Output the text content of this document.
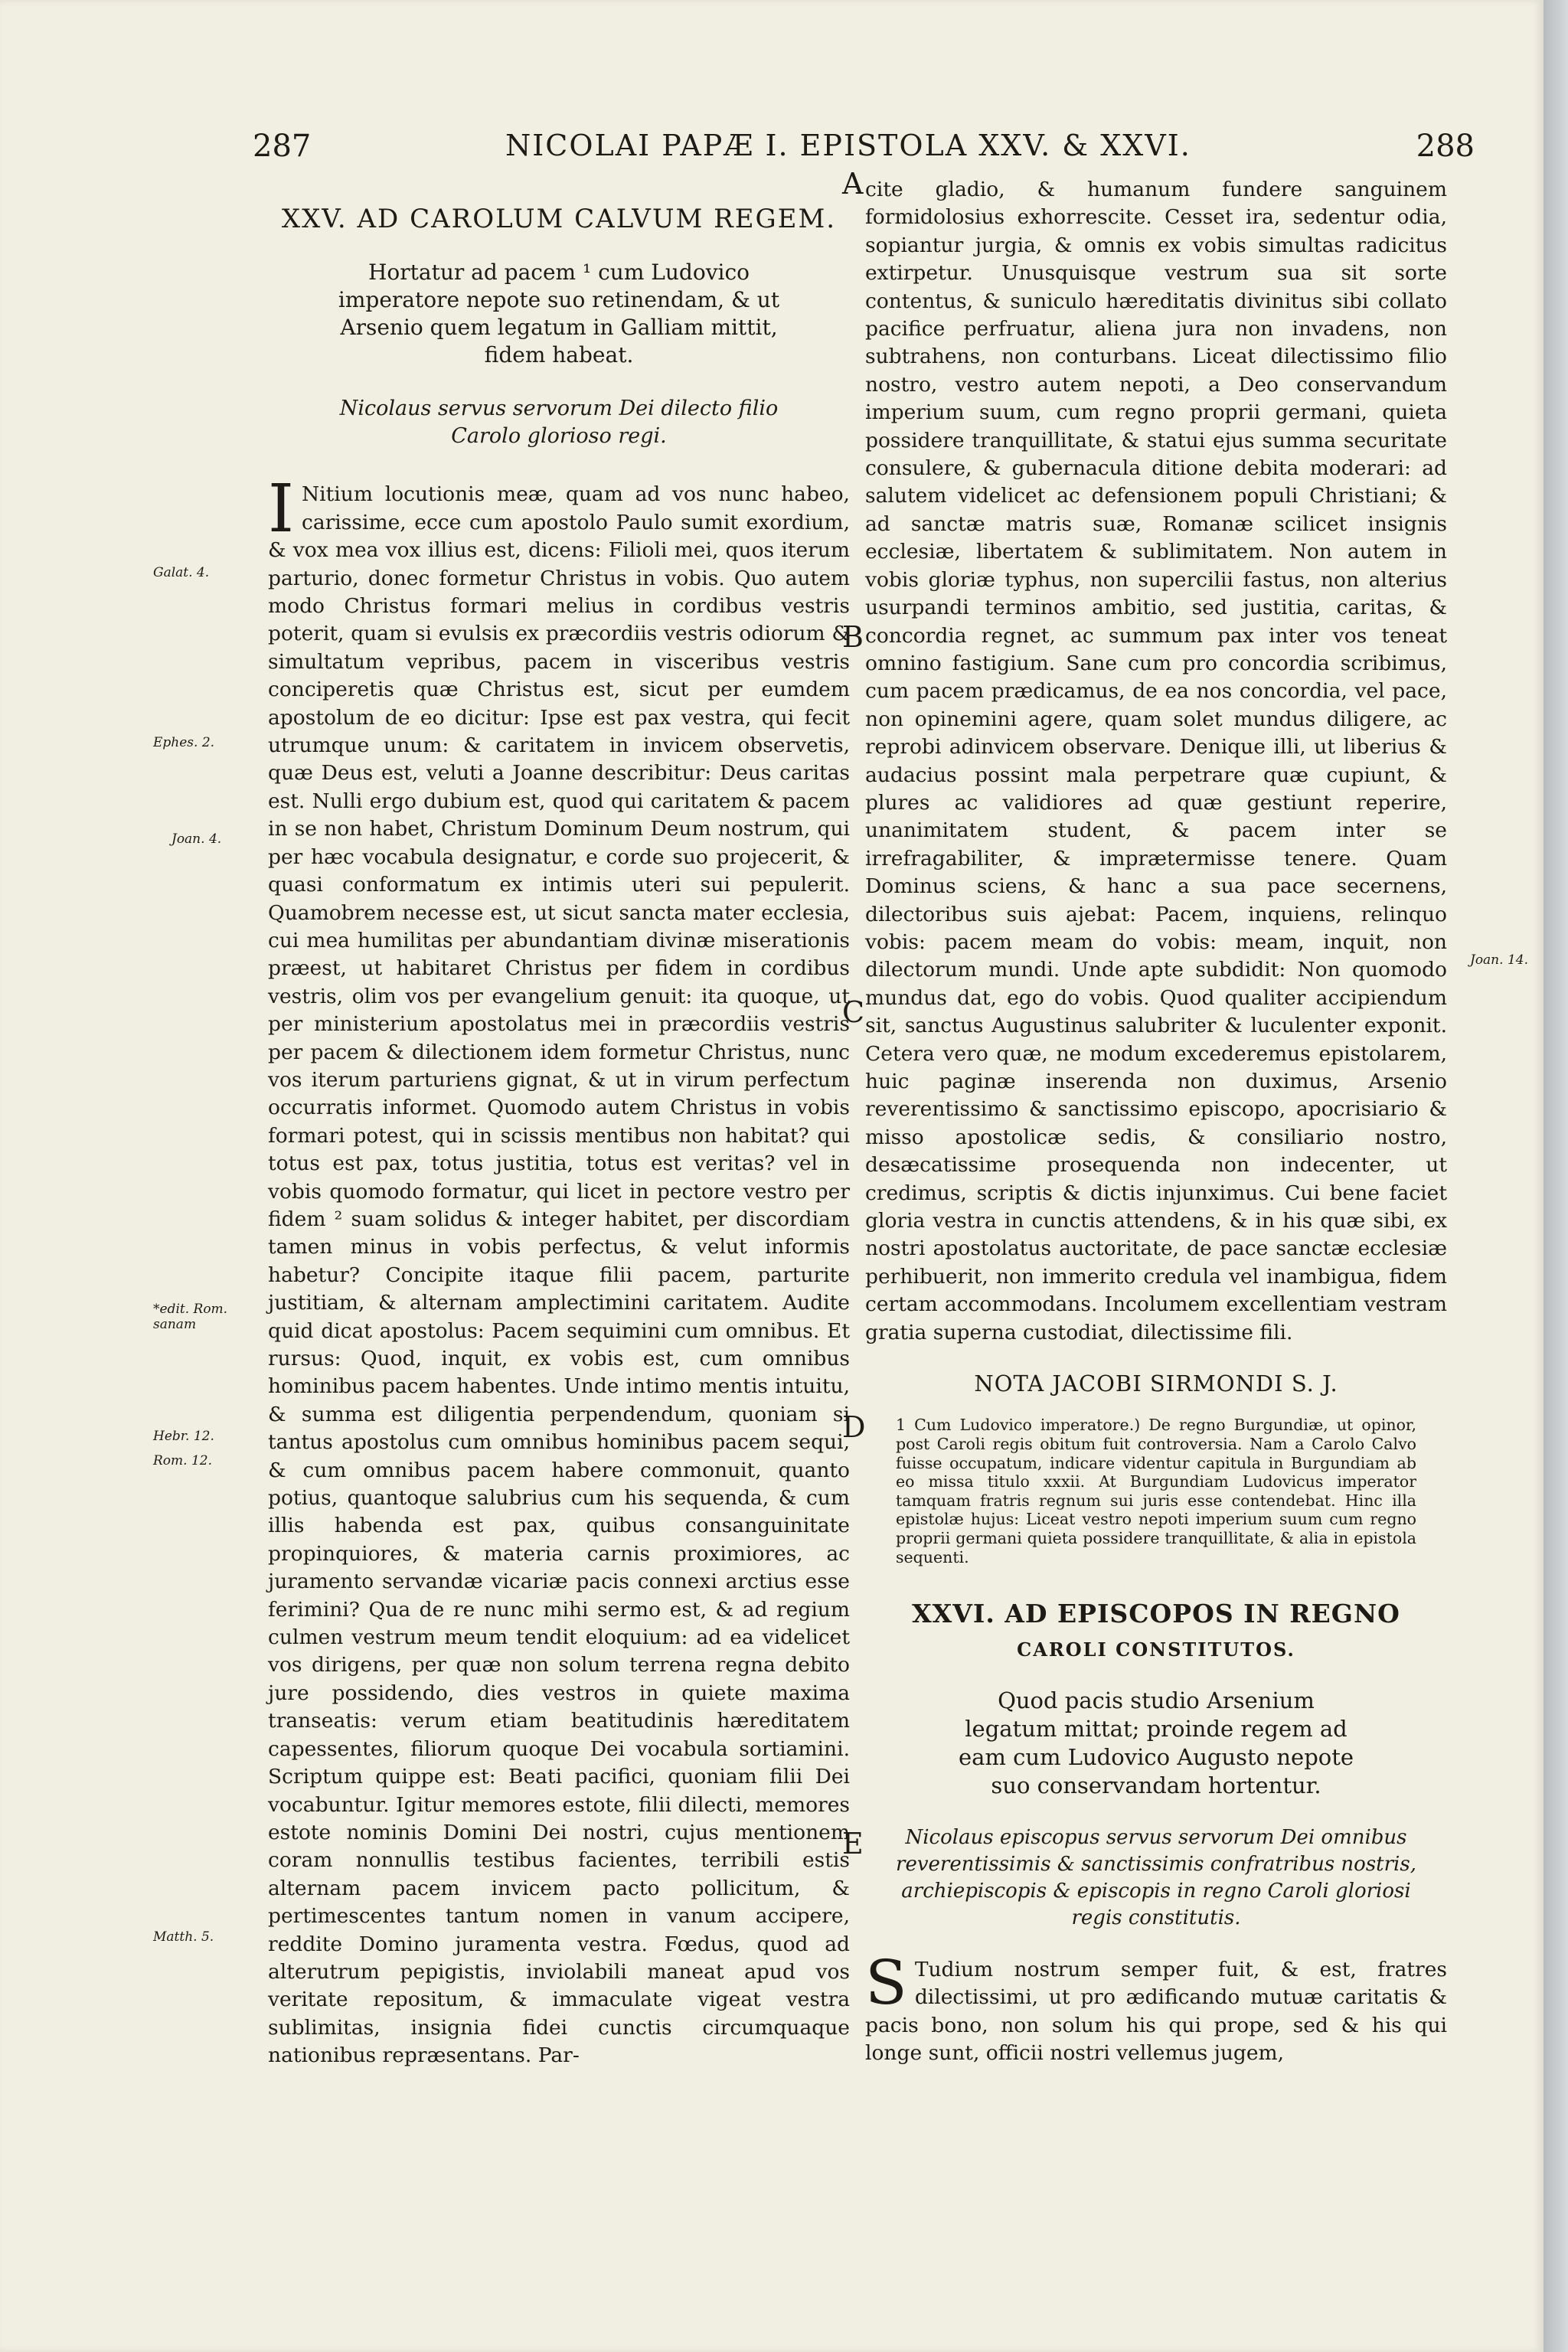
287	NICOLAI PAPÆ I. EPISTOLA XXV. & XXVI.	288
Galat. 4.
Ephes. 2.
Joan. 4.
*edit. Rom. sanam
Hebr. 12.
Rom. 12.
Matth. 5.
A
B
C
D
E
Joan. 14.
XXV. AD CAROLUM CALVUM REGEM.
Hortatur ad pacem ¹ cum Ludovico imperatore nepote suo retinendam, & ut Arsenio quem legatum in Galliam mittit, fidem habeat.
Nicolaus servus servorum Dei dilecto filio Carolo glorioso regi.

I Nitium locutionis meæ, quam ad vos nunc habeo, carissime, ecce cum apostolo Paulo sumit exordium, & vox mea vox illius est, dicens: Filioli mei, quos iterum parturio, donec formetur Christus in vobis. Quo autem modo Christus formari melius in cordibus vestris poterit, quam si evulsis ex præcordiis vestris odiorum & simultatum vepribus, pacem in visceribus vestris conciperetis quæ Christus est, sicut per eumdem apostolum de eo dicitur: Ipse est pax vestra, qui fecit utrumque unum: & caritatem in invicem observetis, quæ Deus est, veluti a Joanne describitur: Deus caritas est. Nulli ergo dubium est, quod qui caritatem & pacem in se non habet, Christum Dominum Deum nostrum, qui per hæc vocabula designatur, e corde suo projecerit, & quasi conformatum ex intimis uteri sui pepulerit. Quamobrem necesse est, ut sicut sancta mater ecclesia, cui mea humilitas per abundantiam divinæ miserationis præest, ut habitaret Christus per fidem in cordibus vestris, olim vos per evangelium genuit: ita quoque, ut per ministerium apostolatus mei in præcordiis vestris per pacem & dilectionem idem formetur Christus, nunc vos iterum parturiens gignat, & ut in virum perfectum occurratis informet. Quomodo autem Christus in vobis formari potest, qui in scissis mentibus non habitat? qui totus est pax, totus justitia, totus est veritas? vel in vobis quomodo formatur, qui licet in pectore vestro per fidem ² suam solidus & integer habitet, per discordiam tamen minus in vobis perfectus, & velut informis habetur? Concipite itaque filii pacem, parturite justitiam, & alternam amplectimini caritatem. Audite quid dicat apostolus: Pacem sequimini cum omnibus. Et rursus: Quod, inquit, ex vobis est, cum omnibus hominibus pacem habentes. Unde intimo mentis intuitu, & summa est diligentia perpendendum, quoniam si tantus apostolus cum omnibus hominibus pacem sequi, & cum omnibus pacem habere commonuit, quanto potius, quantoque salubrius cum his sequenda, & cum illis habenda est pax, quibus consanguinitate propinquiores, & materia carnis proximiores, ac juramento servandæ vicariæ pacis connexi arctius esse ferimini? Qua de re nunc mihi sermo est, & ad regium culmen vestrum meum tendit eloquium: ad ea videlicet vos dirigens, per quæ non solum terrena regna debito jure possidendo, dies vestros in quiete maxima transeatis: verum etiam beatitudinis hæreditatem capessentes, filiorum quoque Dei vocabula sortiamini. Scriptum quippe est: Beati pacifici, quoniam filii Dei vocabuntur. Igitur memores estote, filii dilecti, memores estote nominis Domini Dei nostri, cujus mentionem coram nonnullis testibus facientes, terribili estis alternam pacem invicem pacto pollicitum, & pertimescentes tantum nomen in vanum accipere, reddite Domino juramenta vestra. Fœdus, quod ad alterutrum pepigistis, inviolabili maneat apud vos veritate repositum, & immaculate vigeat vestra sublimitas, insignia fidei cunctis circumquaque nationibus repræsentans. Par-

cite gladio, & humanum fundere sanguinem formidolosius exhorrescite. Cesset ira, sedentur odia, sopiantur jurgia, & omnis ex vobis simultas radicitus extirpetur. Unusquisque vestrum sua sit sorte contentus, & suniculo hæreditatis divinitus sibi collato pacifice perfruatur, aliena jura non invadens, non subtrahens, non conturbans. Liceat dilectissimo filio nostro, vestro autem nepoti, a Deo conservandum imperium suum, cum regno proprii germani, quieta possidere tranquillitate, & statui ejus summa securitate consulere, & gubernacula ditione debita moderari: ad salutem videlicet ac defensionem populi Christiani; & ad sanctæ matris suæ, Romanæ scilicet insignis ecclesiæ, libertatem & sublimitatem. Non autem in vobis gloriæ typhus, non supercilii fastus, non alterius usurpandi terminos ambitio, sed justitia, caritas, & concordia regnet, ac summum pax inter vos teneat omnino fastigium. Sane cum pro concordia scribimus, cum pacem prædicamus, de ea nos concordia, vel pace, non opinemini agere, quam solet mundus diligere, ac reprobi adinvicem observare. Denique illi, ut liberius & audacius possint mala perpetrare quæ cupiunt, & plures ac validiores ad quæ gestiunt reperire, unanimitatem student, & pacem inter se irrefragabiliter, & imprætermisse tenere. Quam Dominus sciens, & hanc a sua pace secernens, dilectoribus suis ajebat: Pacem, inquiens, relinquo vobis: pacem meam do vobis: meam, inquit, non dilectorum mundi. Unde apte subdidit: Non quomodo mundus dat, ego do vobis. Quod qualiter accipiendum sit, sanctus Augustinus salubriter & luculenter exponit. Cetera vero quæ, ne modum excederemus epistolarem, huic paginæ inserenda non duximus, Arsenio reverentissimo & sanctissimo episcopo, apocrisiario & misso apostolicæ sedis, & consiliario nostro, desæcatissime prosequenda non indecenter, ut credimus, scriptis & dictis injunximus. Cui bene faciet gloria vestra in cunctis attendens, & in his quæ sibi, ex nostri apostolatus auctoritate, de pace sanctæ ecclesiæ perhibuerit, non immerito credula vel inambigua, fidem certam accommodans. Incolumem excellentiam vestram gratia superna custodiat, dilectissime fili.

NOTA JACOBI SIRMONDI S. J.

1 Cum Ludovico imperatore.) De regno Burgundiæ, ut opinor, post Caroli regis obitum fuit controversia. Nam a Carolo Calvo fuisse occupatum, indicare videntur capitula in Burgundiam ab eo missa titulo xxxii. At Burgundiam Ludovicus imperator tamquam fratris regnum sui juris esse contendebat. Hinc illa epistolæ hujus: Liceat vestro nepoti imperium suum cum regno proprii germani quieta possidere tranquillitate, & alia in epistola sequenti.

XXVI. AD EPISCOPOS IN REGNO
CAROLI CONSTITUTOS.
Quod pacis studio Arsenium legatum mittat; proinde regem ad eam cum Ludovico Augusto nepote suo conservandam hortentur.
Nicolaus episcopus servus servorum Dei omnibus reverentissimis & sanctissimis confratribus nostris, archiepiscopis & episcopis in regno Caroli gloriosi regis constitutis.

S Tudium nostrum semper fuit, & est, fratres dilectissimi, ut pro ædificando mutuæ caritatis & pacis bono, non solum his qui prope, sed & his qui longe sunt, officii nostri vellemus jugem,
